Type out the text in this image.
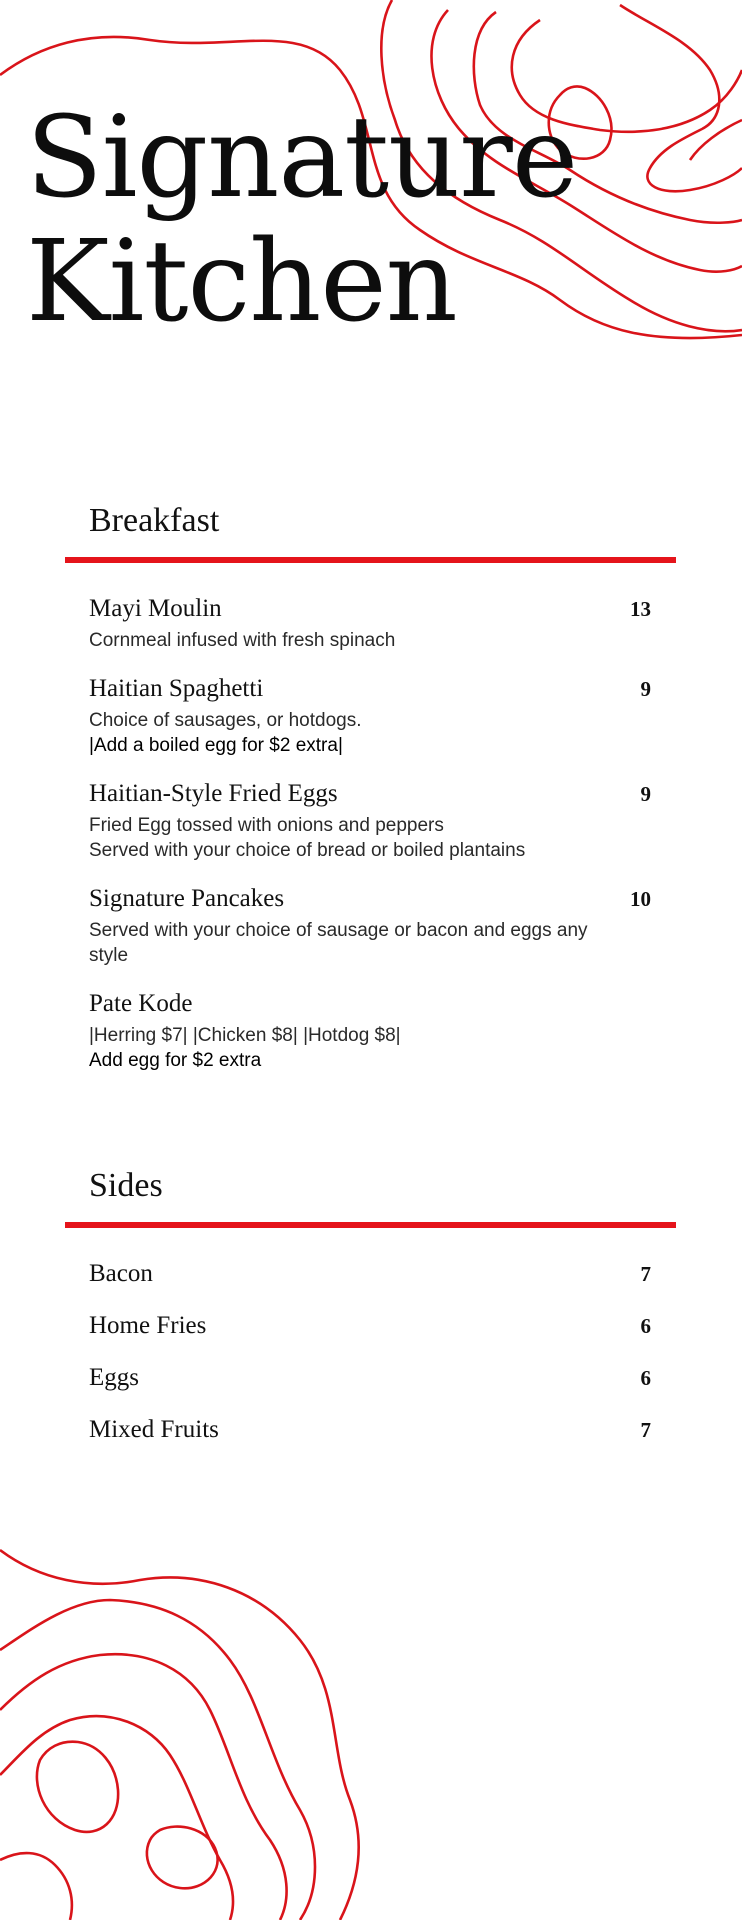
Signature
Kitchen
Breakfast
Mayi Moulin	13
Cornmeal infused with fresh spinach
Haitian Spaghetti	9
Choice of sausages, or hotdogs.
|Add a boiled egg for $2 extra|
Haitian-Style Fried Eggs	9
Fried Egg tossed with onions and peppers
Served with your choice of bread or boiled plantains
Signature Pancakes	10
Served with your choice of sausage or bacon and eggs any style
Pate Kode
|Herring $7| |Chicken $8| |Hotdog $8|
Add egg for $2 extra
Sides
Bacon	7
Home Fries	6
Eggs	6
Mixed Fruits	7
